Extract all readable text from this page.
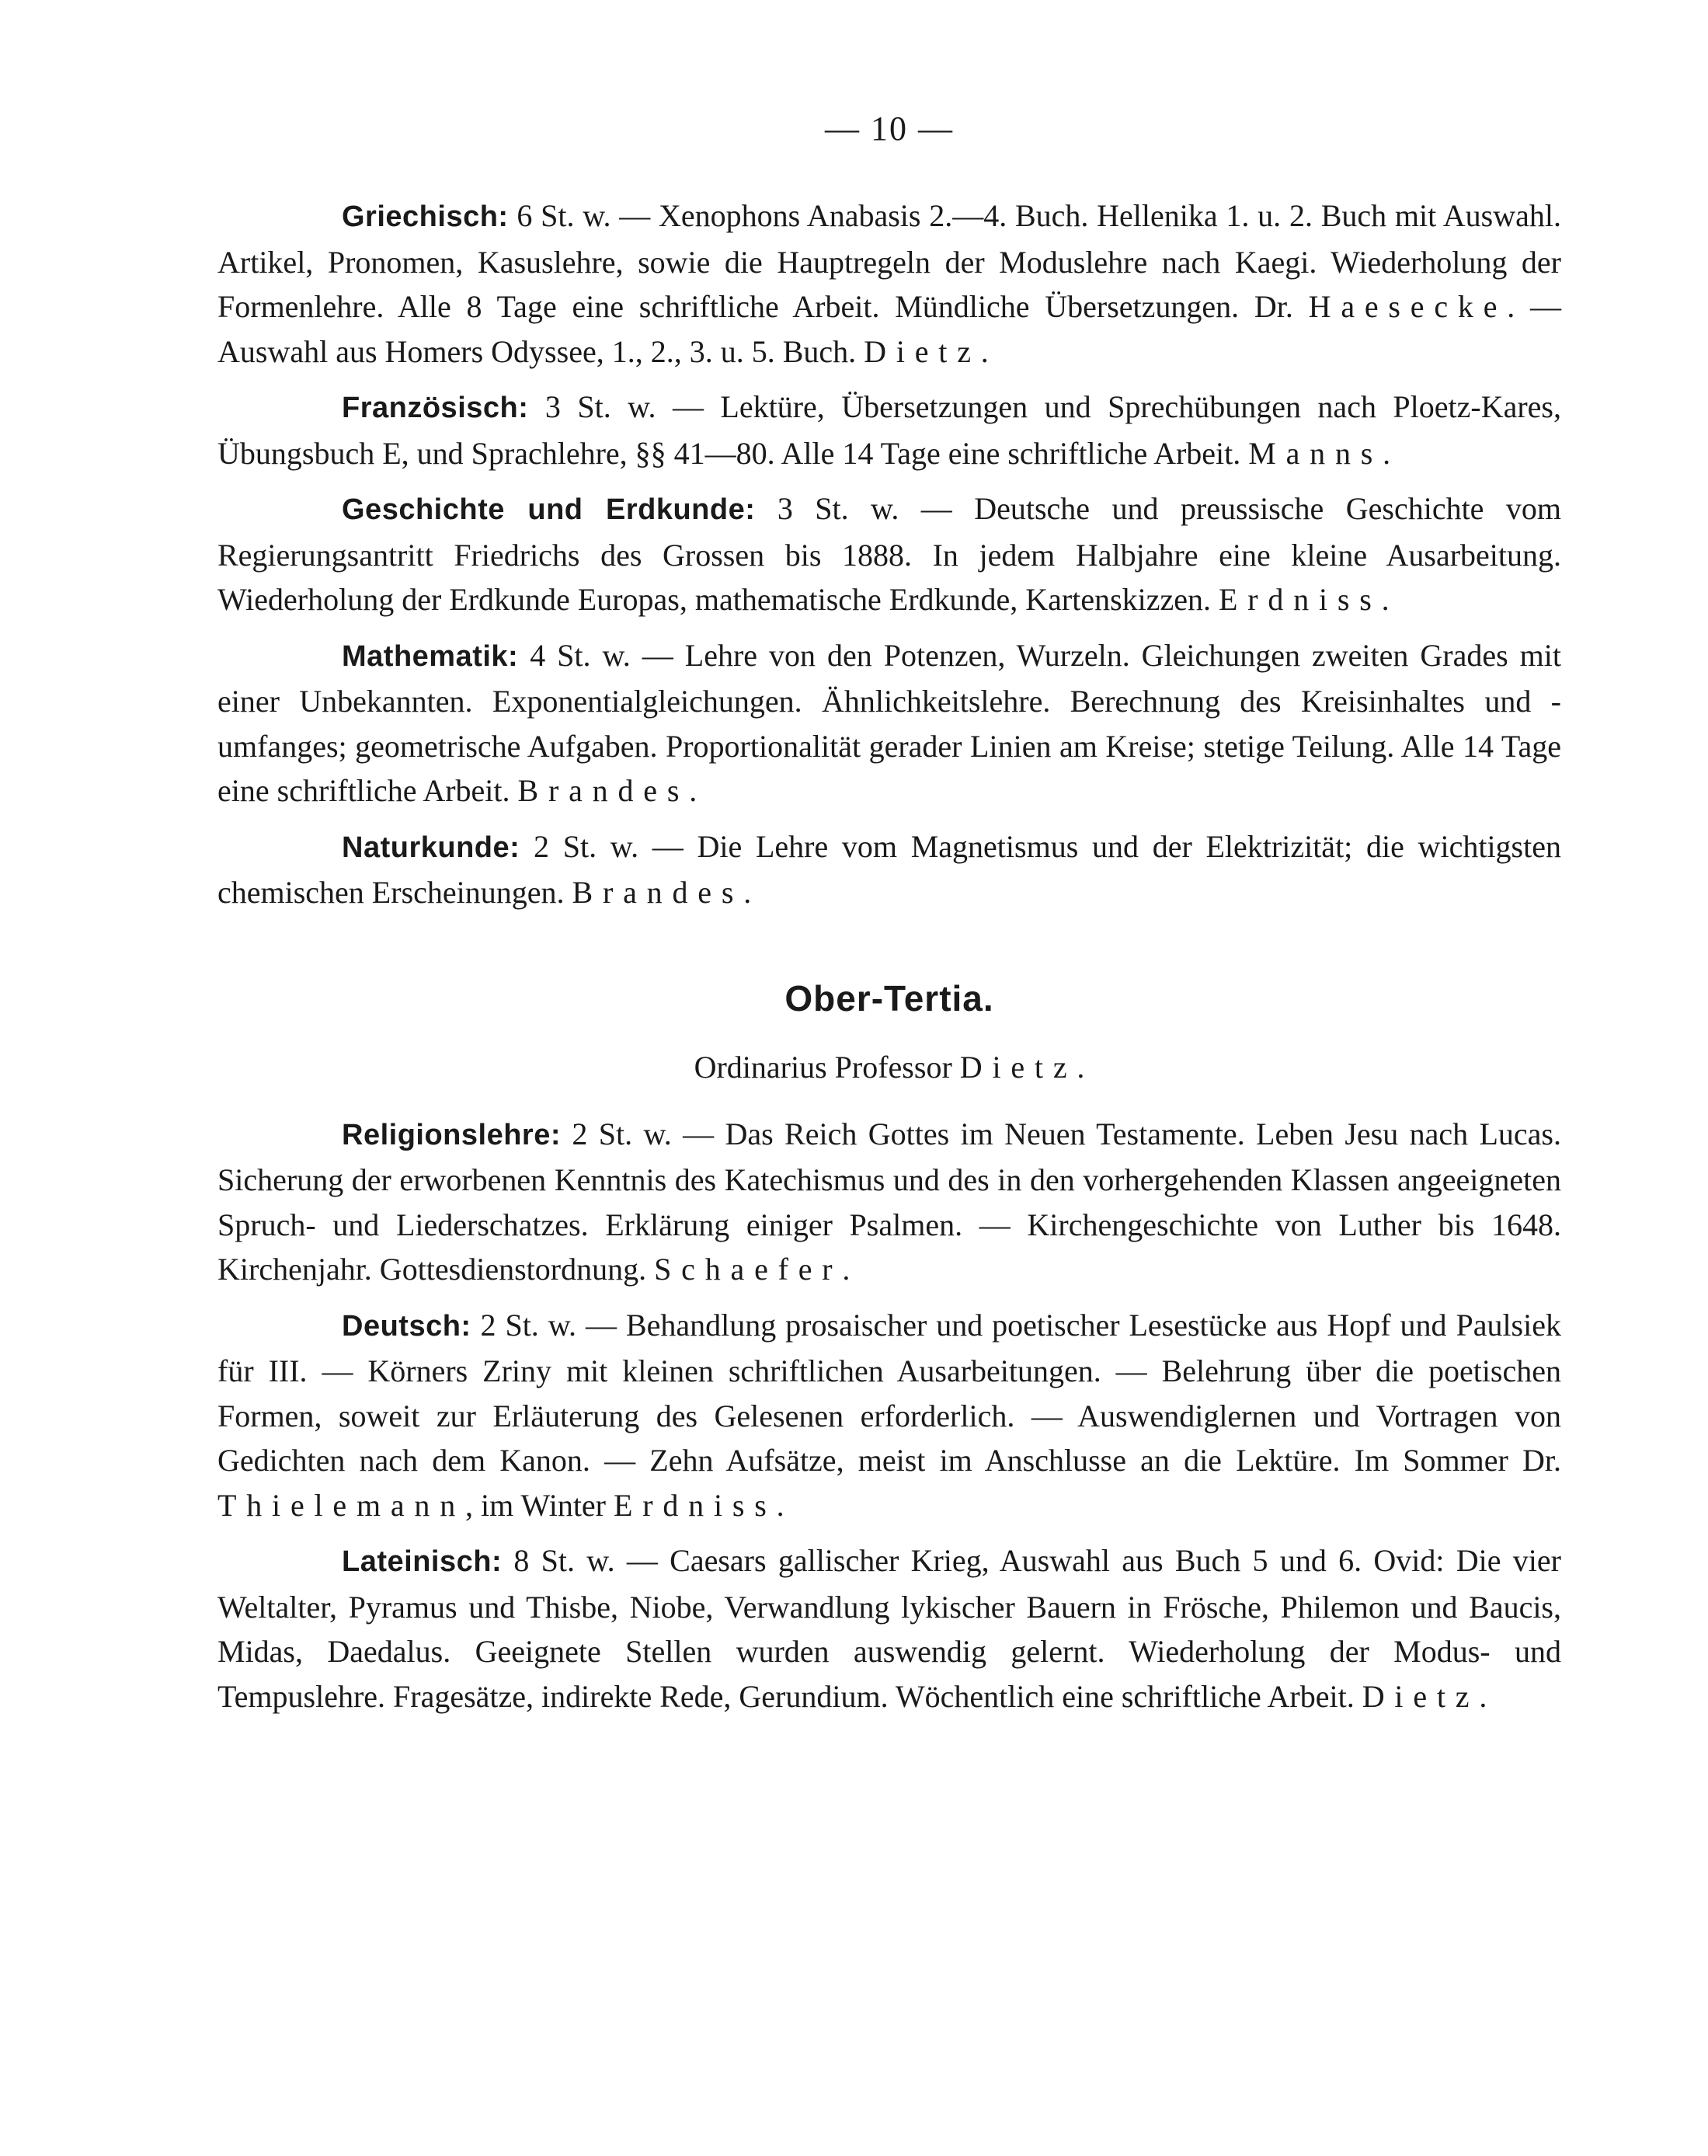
— 10 —

Griechisch: 6 St. w. — Xenophons Anabasis 2.—4. Buch. Hellenika 1. u. 2. Buch mit Auswahl. Artikel, Pronomen, Kasuslehre, sowie die Hauptregeln der Moduslehre nach Kaegi. Wiederholung der Formenlehre. Alle 8 Tage eine schriftliche Arbeit. Mündliche Übersetzungen. Dr. Haesecke. — Auswahl aus Homers Odyssee, 1., 2., 3. u. 5. Buch. Dietz.

Französisch: 3 St. w. — Lektüre, Übersetzungen und Sprechübungen nach Ploetz-Kares, Übungsbuch E, und Sprachlehre, §§ 41—80. Alle 14 Tage eine schriftliche Arbeit. Manns.

Geschichte und Erdkunde: 3 St. w. — Deutsche und preussische Geschichte vom Regierungsantritt Friedrichs des Grossen bis 1888. In jedem Halbjahre eine kleine Ausarbeitung. Wiederholung der Erdkunde Europas, mathematische Erdkunde, Kartenskizzen. Erdniss.

Mathematik: 4 St. w. — Lehre von den Potenzen, Wurzeln. Gleichungen zweiten Grades mit einer Unbekannten. Exponentialgleichungen. Ähnlichkeitslehre. Berechnung des Kreisinhaltes und -umfanges; geometrische Aufgaben. Proportionalität gerader Linien am Kreise; stetige Teilung. Alle 14 Tage eine schriftliche Arbeit. Brandes.

Naturkunde: 2 St. w. — Die Lehre vom Magnetismus und der Elektrizität; die wichtigsten chemischen Erscheinungen. Brandes.

Ober-Tertia.
Ordinarius Professor Dietz.

Religionslehre: 2 St. w. — Das Reich Gottes im Neuen Testamente. Leben Jesu nach Lucas. Sicherung der erworbenen Kenntnis des Katechismus und des in den vorhergehenden Klassen angeeigneten Spruch- und Liederschatzes. Erklärung einiger Psalmen. — Kirchengeschichte von Luther bis 1648. Kirchenjahr. Gottesdienstordnung. Schaefer.

Deutsch: 2 St. w. — Behandlung prosaischer und poetischer Lesestücke aus Hopf und Paulsiek für III. — Körners Zriny mit kleinen schriftlichen Ausarbeitungen. — Belehrung über die poetischen Formen, soweit zur Erläuterung des Gelesenen erforderlich. — Auswendiglernen und Vortragen von Gedichten nach dem Kanon. — Zehn Aufsätze, meist im Anschlusse an die Lektüre. Im Sommer Dr. Thielemann, im Winter Erdniss.

Lateinisch: 8 St. w. — Caesars gallischer Krieg, Auswahl aus Buch 5 und 6. Ovid: Die vier Weltalter, Pyramus und Thisbe, Niobe, Verwandlung lykischer Bauern in Frösche, Philemon und Baucis, Midas, Daedalus. Geeignete Stellen wurden auswendig gelernt. Wiederholung der Modus- und Tempuslehre. Fragesätze, indirekte Rede, Gerundium. Wöchentlich eine schriftliche Arbeit. Dietz.
